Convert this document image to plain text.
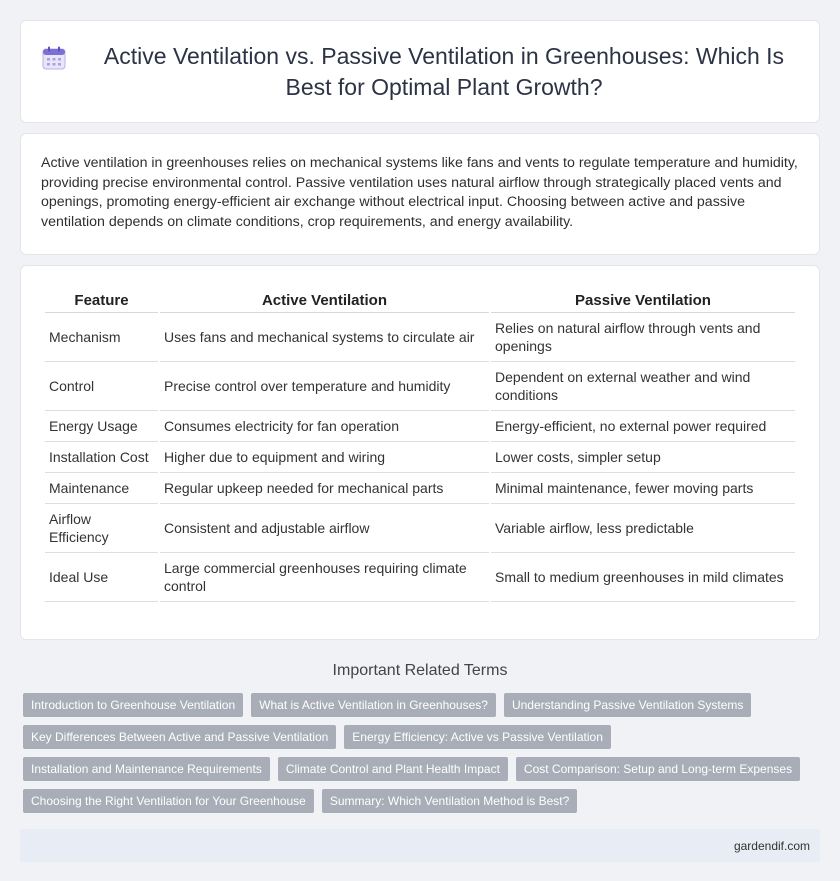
Active Ventilation vs. Passive Ventilation in Greenhouses: Which Is Best for Optimal Plant Growth?

Active ventilation in greenhouses relies on mechanical systems like fans and vents to regulate temperature and humidity, providing precise environmental control. Passive ventilation uses natural airflow through strategically placed vents and openings, promoting energy-efficient air exchange without electrical input. Choosing between active and passive ventilation depends on climate conditions, crop requirements, and energy availability.

Feature	Active Ventilation	Passive Ventilation
Mechanism	Uses fans and mechanical systems to circulate air	Relies on natural airflow through vents and openings
Control	Precise control over temperature and humidity	Dependent on external weather and wind conditions
Energy Usage	Consumes electricity for fan operation	Energy-efficient, no external power required
Installation Cost	Higher due to equipment and wiring	Lower costs, simpler setup
Maintenance	Regular upkeep needed for mechanical parts	Minimal maintenance, fewer moving parts
Airflow Efficiency	Consistent and adjustable airflow	Variable airflow, less predictable
Ideal Use	Large commercial greenhouses requiring climate control	Small to medium greenhouses in mild climates
Important Related Terms
Introduction to Greenhouse Ventilation	What is Active Ventilation in Greenhouses?	Understanding Passive Ventilation Systems
Key Differences Between Active and Passive Ventilation	Energy Efficiency: Active vs Passive Ventilation
Installation and Maintenance Requirements	Climate Control and Plant Health Impact	Cost Comparison: Setup and Long-term Expenses
Choosing the Right Ventilation for Your Greenhouse	Summary: Which Ventilation Method is Best?
gardendif.com
